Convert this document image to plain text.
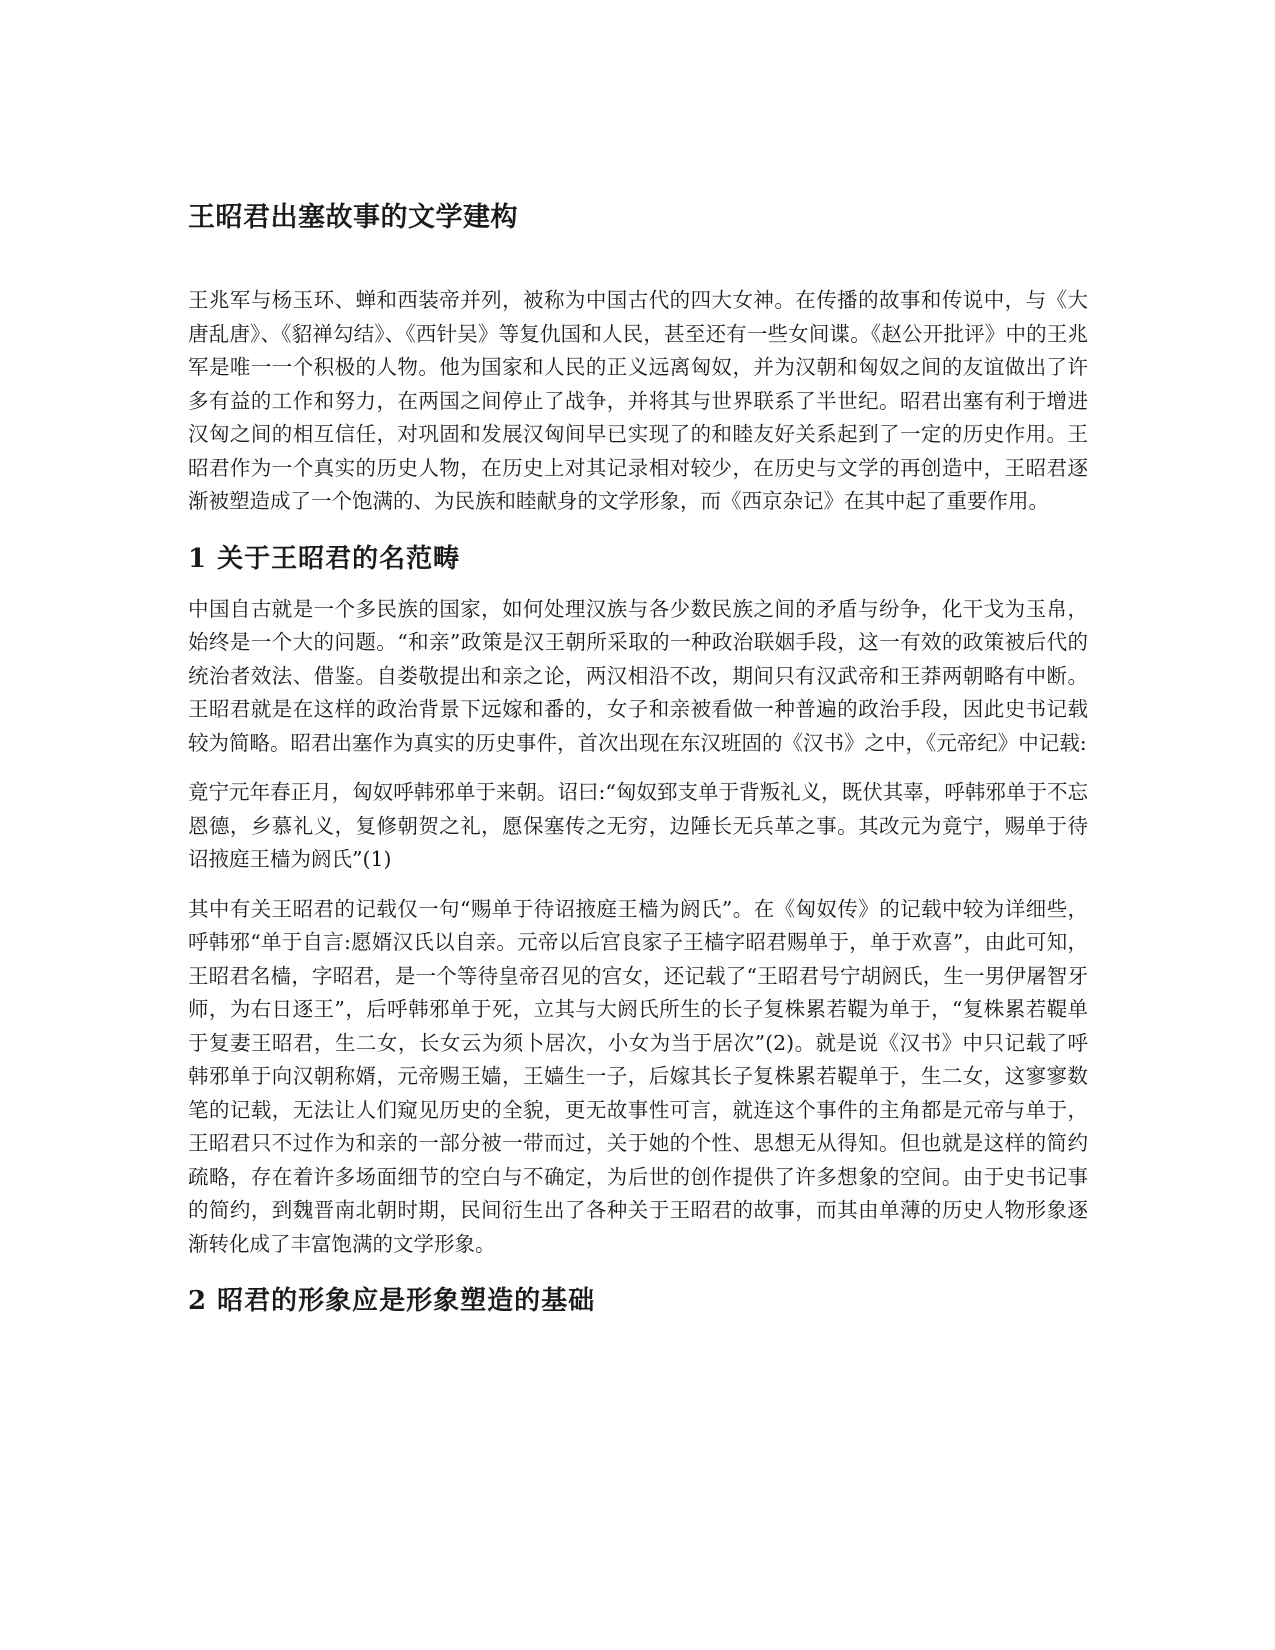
王昭君出塞故事的文学建构

王兆军与杨玉环、蝉和西装帝并列，被称为中国古代的四大女神。在传播的故事和传说中，与《大唐乱唐》、《貂禅勾结》、《西针吴》等复仇国和人民，甚至还有一些女间谍。《赵公开批评》中的王兆军是唯一一个积极的人物。他为国家和人民的正义远离匈奴，并为汉朝和匈奴之间的友谊做出了许多有益的工作和努力，在两国之间停止了战争，并将其与世界联系了半世纪。昭君出塞有利于增进汉匈之间的相互信任，对巩固和发展汉匈间早已实现了的和睦友好关系起到了一定的历史作用。王昭君作为一个真实的历史人物，在历史上对其记录相对较少，在历史与文学的再创造中，王昭君逐渐被塑造成了一个饱满的、为民族和睦献身的文学形象，而《西京杂记》在其中起了重要作用。

1 关于王昭君的名范畴

中国自古就是一个多民族的国家，如何处理汉族与各少数民族之间的矛盾与纷争，化干戈为玉帛，始终是一个大的问题。“和亲”政策是汉王朝所采取的一种政治联姻手段，这一有效的政策被后代的统治者效法、借鉴。自娄敬提出和亲之论，两汉相沿不改，期间只有汉武帝和王莽两朝略有中断。王昭君就是在这样的政治背景下远嫁和番的，女子和亲被看做一种普遍的政治手段，因此史书记载较为简略。昭君出塞作为真实的历史事件，首次出现在东汉班固的《汉书》之中，《元帝纪》中记载:

竟宁元年春正月，匈奴呼韩邪单于来朝。诏曰:“匈奴郅支单于背叛礼义，既伏其辜，呼韩邪单于不忘恩德，乡慕礼义，复修朝贺之礼，愿保塞传之无穷，边陲长无兵革之事。其改元为竟宁，赐单于待诏掖庭王樯为阏氏”(1)

其中有关王昭君的记载仅一句“赐单于待诏掖庭王樯为阏氏”。在《匈奴传》的记载中较为详细些，呼韩邪“单于自言:愿婿汉氏以自亲。元帝以后宫良家子王樯字昭君赐单于，单于欢喜”，由此可知，王昭君名樯，字昭君，是一个等待皇帝召见的宫女，还记载了“王昭君号宁胡阏氏，生一男伊屠智牙师，为右日逐王”，后呼韩邪单于死，立其与大阏氏所生的长子复株累若鞮为单于，“复株累若鞮单于复妻王昭君，生二女，长女云为须卜居次，小女为当于居次”(2)。就是说《汉书》中只记载了呼韩邪单于向汉朝称婿，元帝赐王嫱，王嫱生一子，后嫁其长子复株累若鞮单于，生二女，这寥寥数笔的记载，无法让人们窥见历史的全貌，更无故事性可言，就连这个事件的主角都是元帝与单于，王昭君只不过作为和亲的一部分被一带而过，关于她的个性、思想无从得知。但也就是这样的简约疏略，存在着许多场面细节的空白与不确定，为后世的创作提供了许多想象的空间。由于史书记事的简约，到魏晋南北朝时期，民间衍生出了各种关于王昭君的故事，而其由单薄的历史人物形象逐渐转化成了丰富饱满的文学形象。

2 昭君的形象应是形象塑造的基础
